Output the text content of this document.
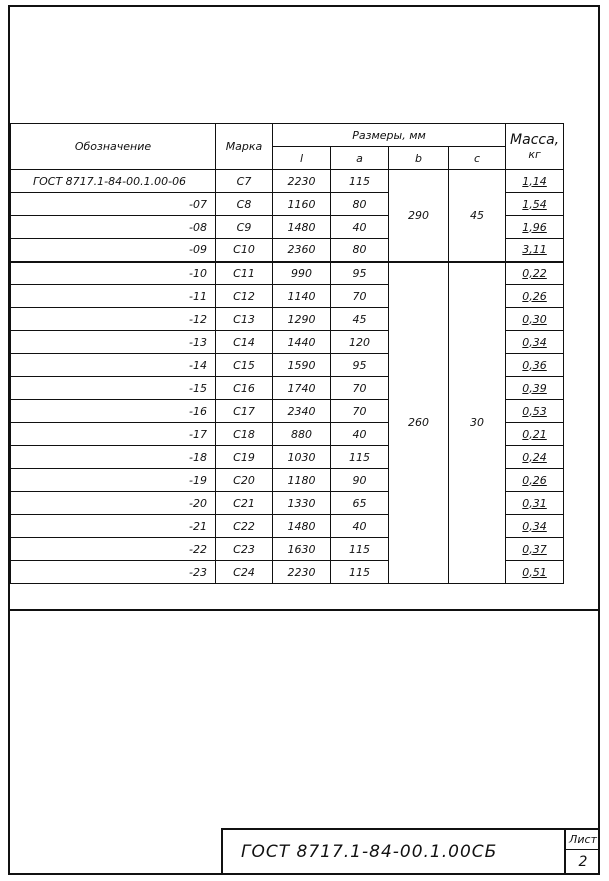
Обозначение	Марка	Размеры, мм				Масса,
кг

		l	a	b	c	
ГОСТ 8717.1-84-00.1.00-06	С7	2230	115	290	45	1,14
-07	С8	1160	80			1,54
-08	С9	1480	40			1,96
-09	С10	2360	80			3,11
-10	С11	990	95	260	30	0,22
-11	С12	1140	70			0,26
-12	С13	1290	45			0,30
-13	С14	1440	120			0,34
-14	С15	1590	95			0,36
-15	С16	1740	70			0,39
-16	С17	2340	70			0,53
-17	С18	880	40			0,21
-18	С19	1030	115			0,24
-19	С20	1180	90			0,26
-20	С21	1330	65			0,31
-21	С22	1480	40			0,34
-22	С23	1630	115			0,37
-23	С24	2230	115			0,51
ГОСТ 8717.1-84-00.1.00СБ
Лист
2
